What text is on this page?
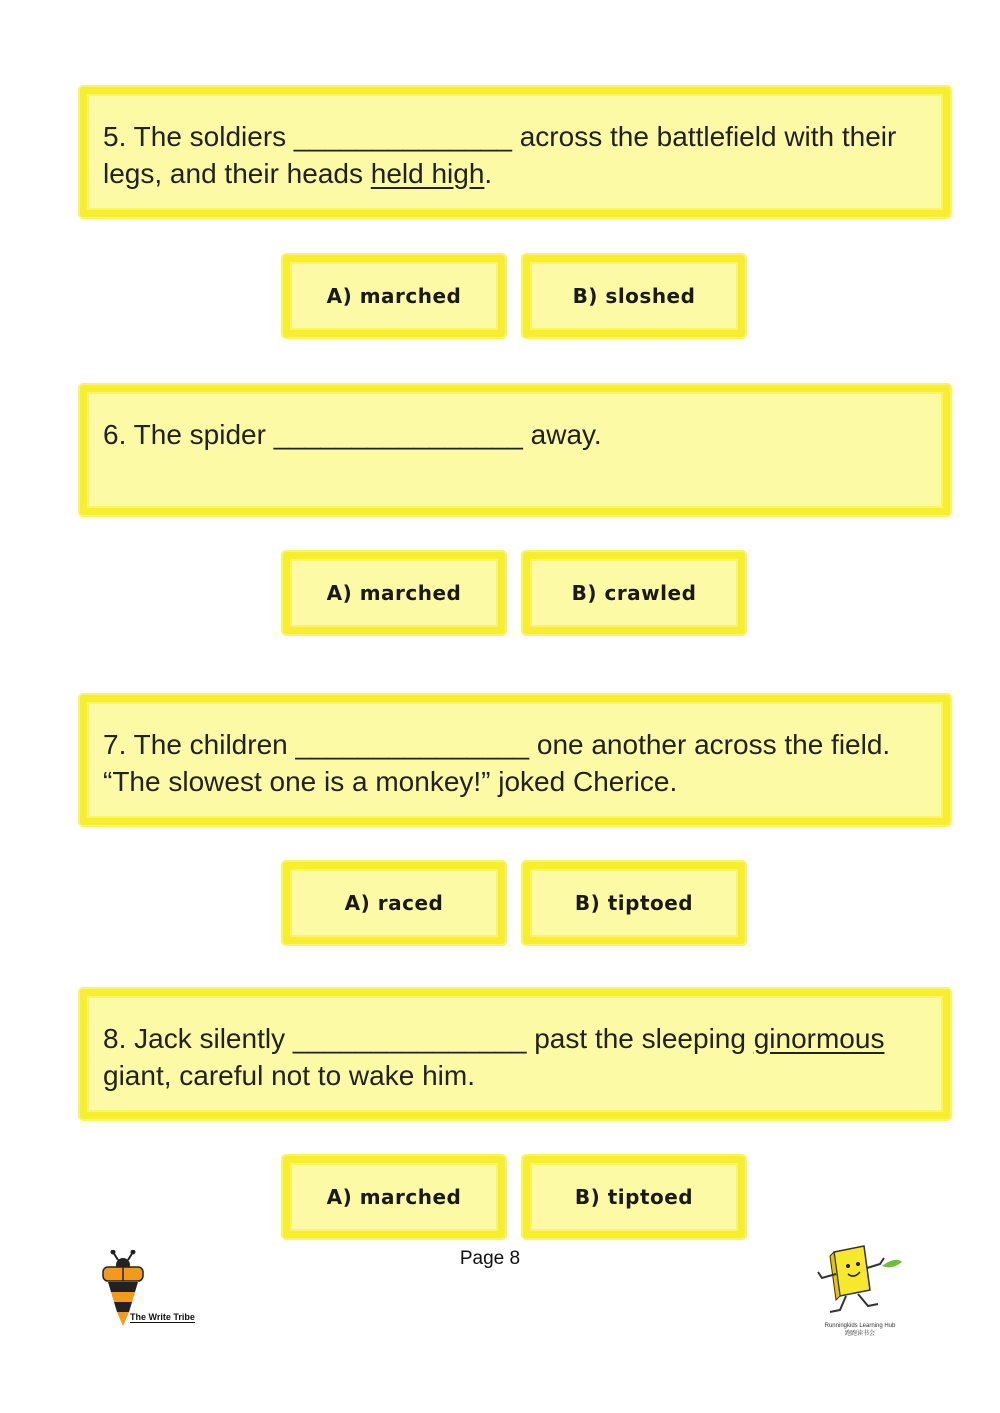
5. The soldiers ______________ across the battlefield with their legs, and their heads held high.
A) marched	B) sloshed
6. The spider ________________ away.
A) marched	B) crawled
7. The children _______________ one another across the field. “The slowest one is a monkey!” joked Cherice.
A) raced	B) tiptoed
8. Jack silently _______________ past the sleeping ginormous giant, careful not to wake him.
A) marched	B) tiptoed
Page 8
The Write Tribe
Runningkids Learning Hub
跑跑读书会
